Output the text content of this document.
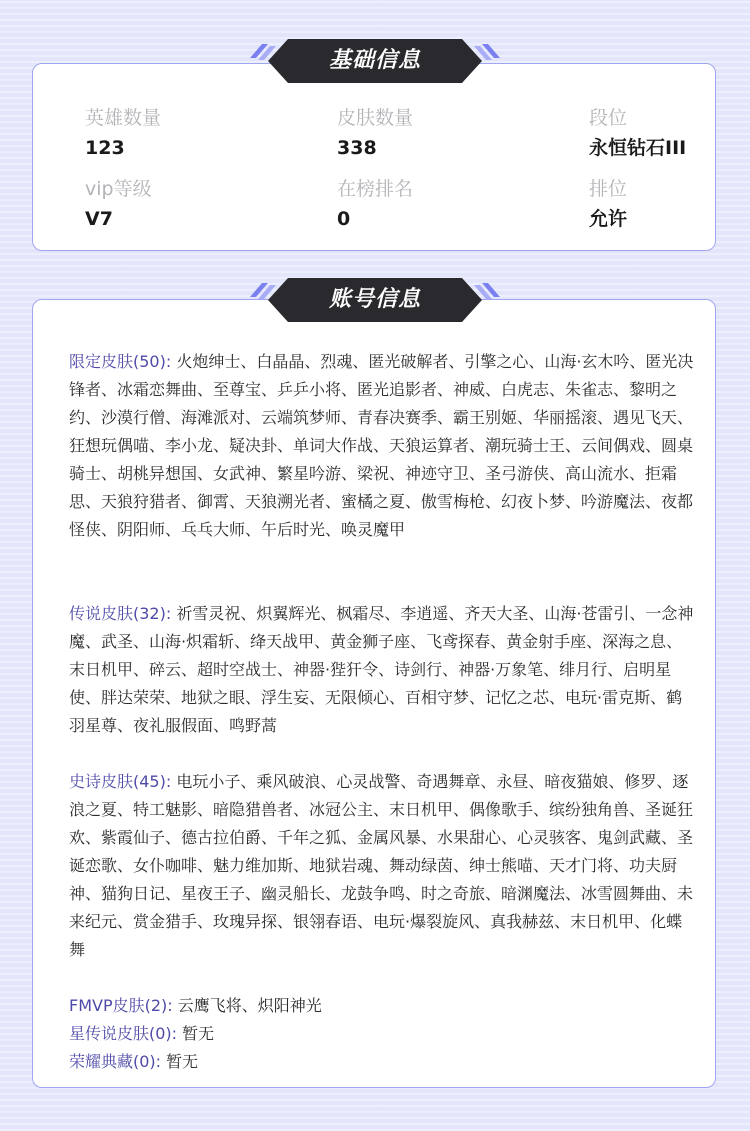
英雄数量
123
皮肤数量
338
段位
永恒钻石III
vip等级
V7
在榜排名
0
排位
允许
基础信息
限定皮肤(50): 火炮绅士、白晶晶、烈魂、匿光破解者、引擎之心、山海·玄木吟、匿光决锋者、冰霜恋舞曲、至尊宝、乒乒小将、匿光追影者、神威、白虎志、朱雀志、黎明之约、沙漠行僧、海滩派对、云端筑梦师、青春决赛季、霸王别姬、华丽摇滚、遇见飞天、狂想玩偶喵、李小龙、疑决卦、单词大作战、天狼运算者、潮玩骑士王、云间偶戏、圆桌骑士、胡桃异想国、女武神、繁星吟游、梁祝、神迹守卫、圣弓游侠、高山流水、拒霜思、天狼狩猎者、御霄、天狼溯光者、蜜橘之夏、傲雪梅枪、幻夜卜梦、吟游魔法、夜都怪侠、阴阳师、乓乓大师、午后时光、唤灵魔甲
传说皮肤(32): 祈雪灵祝、炽翼辉光、枫霜尽、李逍遥、齐天大圣、山海·苍雷引、一念神魔、武圣、山海·炽霜斩、绛天战甲、黄金狮子座、飞鸢探春、黄金射手座、深海之息、末日机甲、碎云、超时空战士、神器·狴犴令、诗剑行、神器·万象笔、绯月行、启明星使、胖达荣荣、地狱之眼、浮生妄、无限倾心、百相守梦、记忆之芯、电玩·雷克斯、鹤羽星尊、夜礼服假面、鸣野蒿
史诗皮肤(45): 电玩小子、乘风破浪、心灵战警、奇遇舞章、永昼、暗夜猫娘、修罗、逐浪之夏、特工魅影、暗隐猎兽者、冰冠公主、末日机甲、偶像歌手、缤纷独角兽、圣诞狂欢、紫霞仙子、德古拉伯爵、千年之狐、金属风暴、水果甜心、心灵骇客、鬼剑武藏、圣诞恋歌、女仆咖啡、魅力维加斯、地狱岩魂、舞动绿茵、绅士熊喵、天才门将、功夫厨神、猫狗日记、星夜王子、幽灵船长、龙鼓争鸣、时之奇旅、暗渊魔法、冰雪圆舞曲、未来纪元、赏金猎手、玫瑰异探、银翎春语、电玩·爆裂旋风、真我赫兹、末日机甲、化蝶舞
FMVP皮肤(2): 云鹰飞将、炽阳神光
星传说皮肤(0): 暂无
荣耀典藏(0): 暂无
账号信息
